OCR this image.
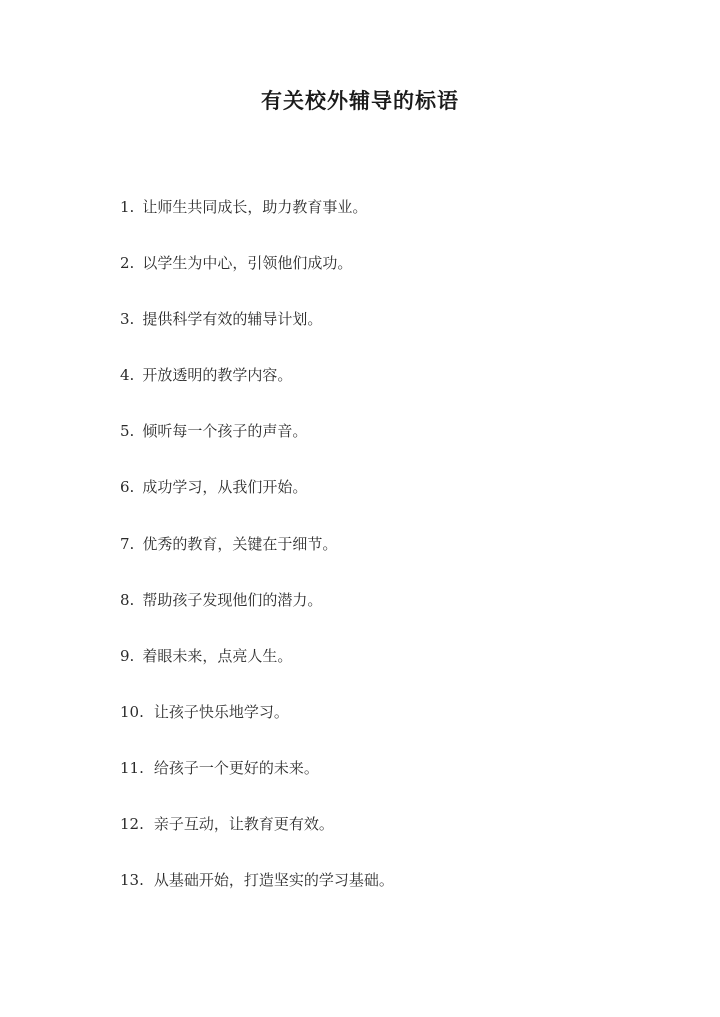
有关校外辅导的标语
1. 让师生共同成长，助力教育事业。
2. 以学生为中心，引领他们成功。
3. 提供科学有效的辅导计划。
4. 开放透明的教学内容。
5. 倾听每一个孩子的声音。
6. 成功学习，从我们开始。
7. 优秀的教育，关键在于细节。
8. 帮助孩子发现他们的潜力。
9. 着眼未来，点亮人生。
10. 让孩子快乐地学习。
11. 给孩子一个更好的未来。
12. 亲子互动，让教育更有效。
13. 从基础开始，打造坚实的学习基础。
